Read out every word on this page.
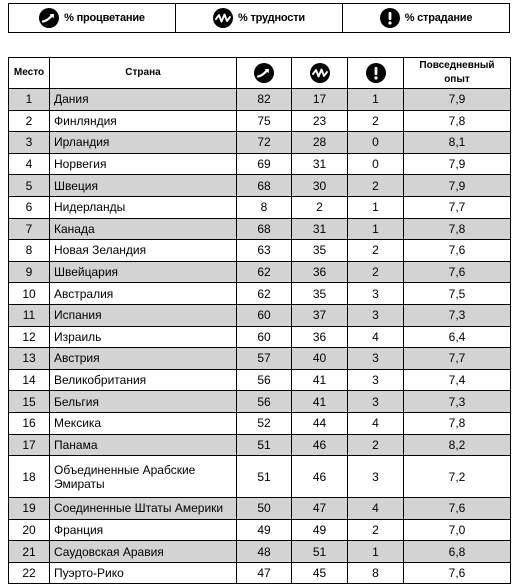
% процветание	% трудности	% страдание
Место	Страна				Повседневный опыт
1	Дания	82	17	1	7,9
2	Финляндия	75	23	2	7,8
3	Ирландия	72	28	0	8,1
4	Норвегия	69	31	0	7,9
5	Швеция	68	30	2	7,9
6	Нидерланды	8	2	1	7,7
7	Канада	68	31	1	7,8
8	Новая Зеландия	63	35	2	7,6
9	Швейцария	62	36	2	7,6
10	Австралия	62	35	3	7,5
11	Испания	60	37	3	7,3
12	Израиль	60	36	4	6,4
13	Австрия	57	40	3	7,7
14	Великобритания	56	41	3	7,4
15	Бельгия	56	41	3	7,3
16	Мексика	52	44	4	7,8
17	Панама	51	46	2	8,2
18	Объединенные Арабские Эмираты	51	46	3	7,2
19	Соединенные Штаты Америки	50	47	4	7,6
20	Франция	49	49	2	7,0
21	Саудовская Аравия	48	51	1	6,8
22	Пуэрто-Рико	47	45	8	7,6
